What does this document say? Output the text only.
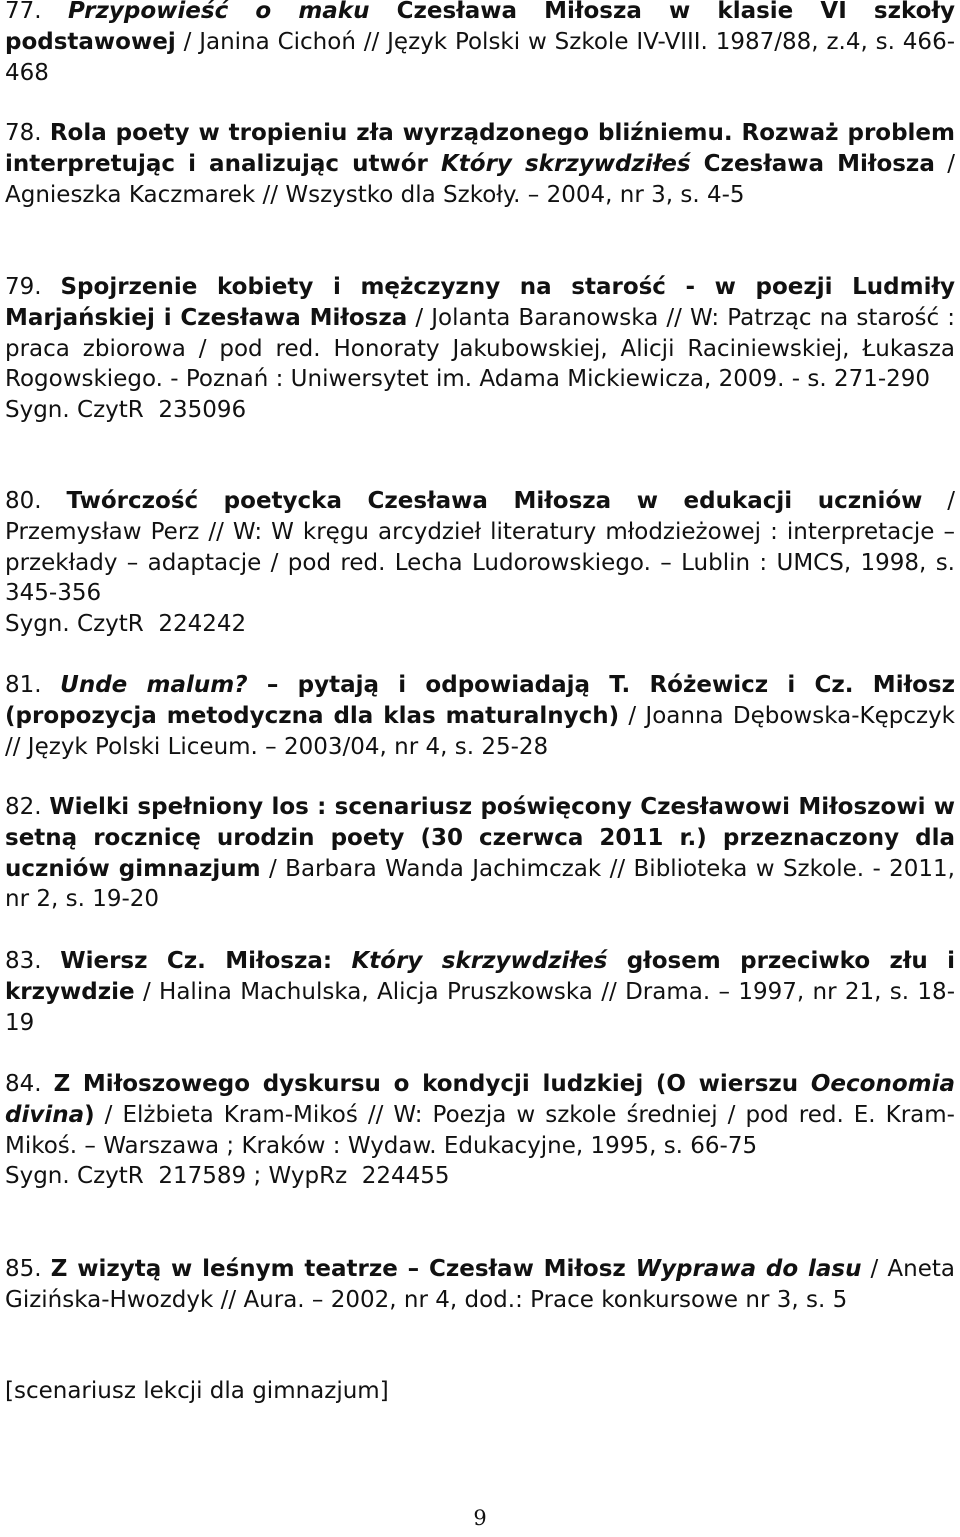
77. Przypowieść o maku Czesława Miłosza w klasie VI szkoły podstawowej / Janina Cichoń // Język Polski w Szkole IV-VIII. 1987/88, z.4, s. 466-468

78. Rola poety w tropieniu zła wyrządzonego bliźniemu. Rozważ problem interpretując i analizując utwór Który skrzywdziłeś Czesława Miłosza / Agnieszka Kaczmarek // Wszystko dla Szkoły. – 2004, nr 3, s. 4-5

79. Spojrzenie kobiety i mężczyzny na starość - w poezji Ludmiły Marjańskiej i Czesława Miłosza / Jolanta Baranowska // W: Patrząc na starość : praca zbiorowa / pod red. Honoraty Jakubowskiej, Alicji Raciniewskiej, Łukasza Rogowskiego. - Poznań : Uniwersytet im. Adama Mickiewicza, 2009. - s. 271-290
Sygn. CzytR  235096

80. Twórczość poetycka Czesława Miłosza w edukacji uczniów / Przemysław Perz // W: W kręgu arcydzieł literatury młodzieżowej : interpretacje – przekłady – adaptacje / pod red. Lecha Ludorowskiego. – Lublin : UMCS, 1998, s. 345-356
Sygn. CzytR  224242

81. Unde malum? – pytają i odpowiadają T. Różewicz i Cz. Miłosz (propozycja metodyczna dla klas maturalnych) / Joanna Dębowska-Kępczyk // Język Polski Liceum. – 2003/04, nr 4, s. 25-28

82. Wielki spełniony los : scenariusz poświęcony Czesławowi Miłoszowi w setną rocznicę urodzin poety (30 czerwca 2011 r.) przeznaczony dla uczniów gimnazjum / Barbara Wanda Jachimczak // Biblioteka w Szkole. - 2011, nr 2, s. 19-20

83. Wiersz Cz. Miłosza: Który skrzywdziłeś głosem przeciwko złu i krzywdzie / Halina Machulska, Alicja Pruszkowska // Drama. – 1997, nr 21, s. 18-19

84. Z Miłoszowego dyskursu o kondycji ludzkiej (O wierszu Oeconomia divina) / Elżbieta Kram-Mikoś // W: Poezja w szkole średniej / pod red. E. Kram-Mikoś. – Warszawa ; Kraków : Wydaw. Edukacyjne, 1995, s. 66-75
Sygn. CzytR  217589 ; WypRz  224455

85. Z wizytą w leśnym teatrze – Czesław Miłosz Wyprawa do lasu / Aneta Gizińska-Hwozdyk // Aura. – 2002, nr 4, dod.: Prace konkursowe nr 3, s. 5

[scenariusz lekcji dla gimnazjum]

9
